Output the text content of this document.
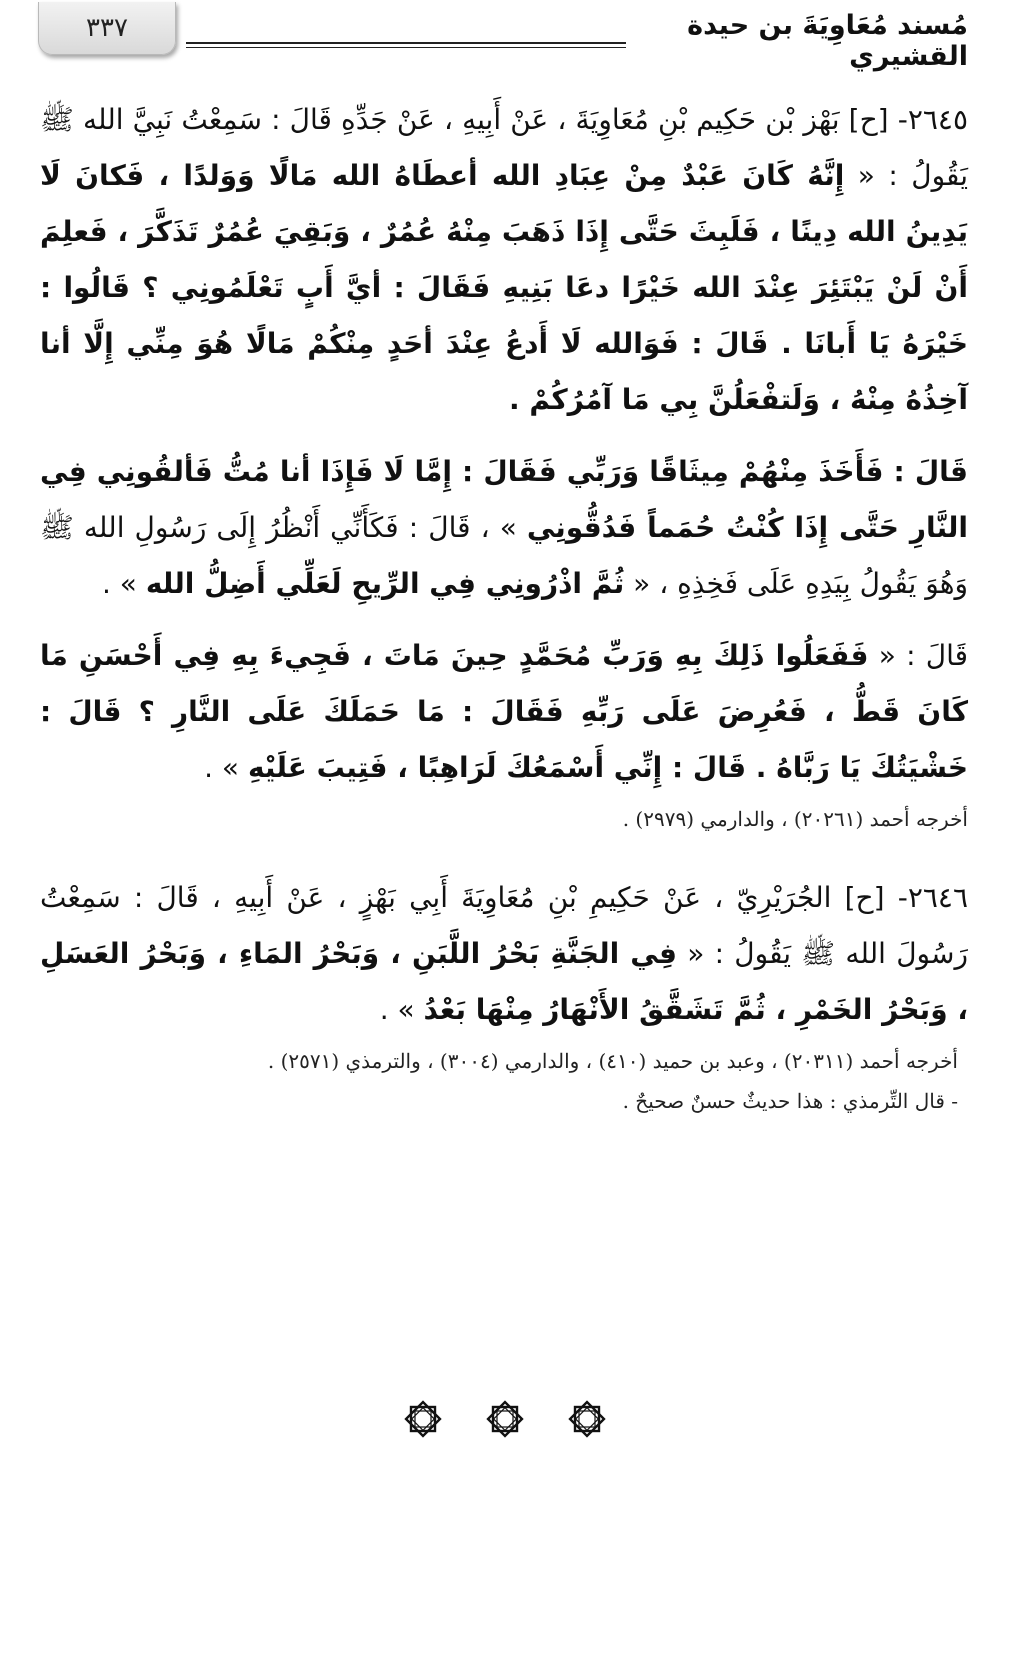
٣٣٧	مُسند مُعَاوِيَةَ بن حيدة القشيري

٢٦٤٥- [ح] بَهْز بْن حَكِيم بْنِ مُعَاوِيَةَ ، عَنْ أَبِيهِ ، عَنْ جَدِّهِ قَالَ : سَمِعْتُ نَبِيَّ الله ﷺ يَقُولُ : « إِنَّهُ كَانَ عَبْدٌ مِنْ عِبَادِ الله أعطَاهُ الله مَالًا وَوَلدًا ، فَكانَ لَا يَدِينُ الله دِينًا ، فَلَبِثَ حَتَّى إِذَا ذَهَبَ مِنْهُ عُمُرٌ ، وَبَقِيَ عُمُرٌ تَذَكَّرَ ، فَعلِمَ أَنْ لَنْ يَبْتَئِرَ عِنْدَ الله خَيْرًا دعَا بَنِيهِ فَقَالَ : أيَّ أَبٍ تَعْلَمُونِي ؟ قَالُوا : خَيْرَهُ يَا أَبانَا . قَالَ : فَوَالله لَا أَدعُ عِنْدَ أحَدٍ مِنْكُمْ مَالًا هُوَ مِنِّي إِلَّا أنا آخِذُهُ مِنْهُ ، وَلَتفْعَلُنَّ بِي مَا آمُرُكُمْ .

قَالَ : فَأَخَذَ مِنْهُمْ مِيثَاقًا وَرَبِّي فَقَالَ : إِمَّا لَا فَإِذَا أنا مُتُّ فَألقُونِي فِي النَّارِ حَتَّى إِذَا كُنْتُ حُمَماً فَدُقُّونِي » ، قَالَ : فَكَأَنِّي أَنْظُرُ إِلَى رَسُولِ الله ﷺ وَهُوَ يَقُولُ بِيَدِهِ عَلَى فَخِذِهِ ، « ثُمَّ اذْرُونِي فِي الرِّيحِ لَعَلِّي أَضِلُّ الله » .

قَالَ : « فَفَعَلُوا ذَلِكَ بِهِ وَرَبِّ مُحَمَّدٍ حِينَ مَاتَ ، فَجِيءَ بِهِ فِي أَحْسَنِ مَا كَانَ قَطُّ ، فَعُرِضَ عَلَى رَبِّهِ فَقَالَ : مَا حَمَلَكَ عَلَى النَّارِ ؟ قَالَ : خَشْيَتُكَ يَا رَبَّاهُ . قَالَ : إِنِّي أَسْمَعُكَ لَرَاهِبًا ، فَتِيبَ عَلَيْهِ » .

أخرجه أحمد (٢٠٢٦١) ، والدارمي (٢٩٧٩) .

٢٦٤٦- [ح] الجُرَيْرِيّ ، عَنْ حَكِيمِ بْنِ مُعَاوِيَةَ أَبِي بَهْزٍ ، عَنْ أَبِيهِ ، قَالَ : سَمِعْتُ رَسُولَ الله ﷺ يَقُولُ : « فِي الجَنَّةِ بَحْرُ اللَّبَنِ ، وَبَحْرُ المَاءِ ، وَبَحْرُ العَسَلِ ، وَبَحْرُ الخَمْرِ ، ثُمَّ تَشَقَّقُ الأَنْهَارُ مِنْهَا بَعْدُ » .

أخرجه أحمد (٢٠٣١١) ، وعبد بن حميد (٤١٠) ، والدارمي (٣٠٠٤) ، والترمذي (٢٥٧١) .

- قال التِّرمذي : هذا حديثٌ حسنٌ صحيحٌ .
